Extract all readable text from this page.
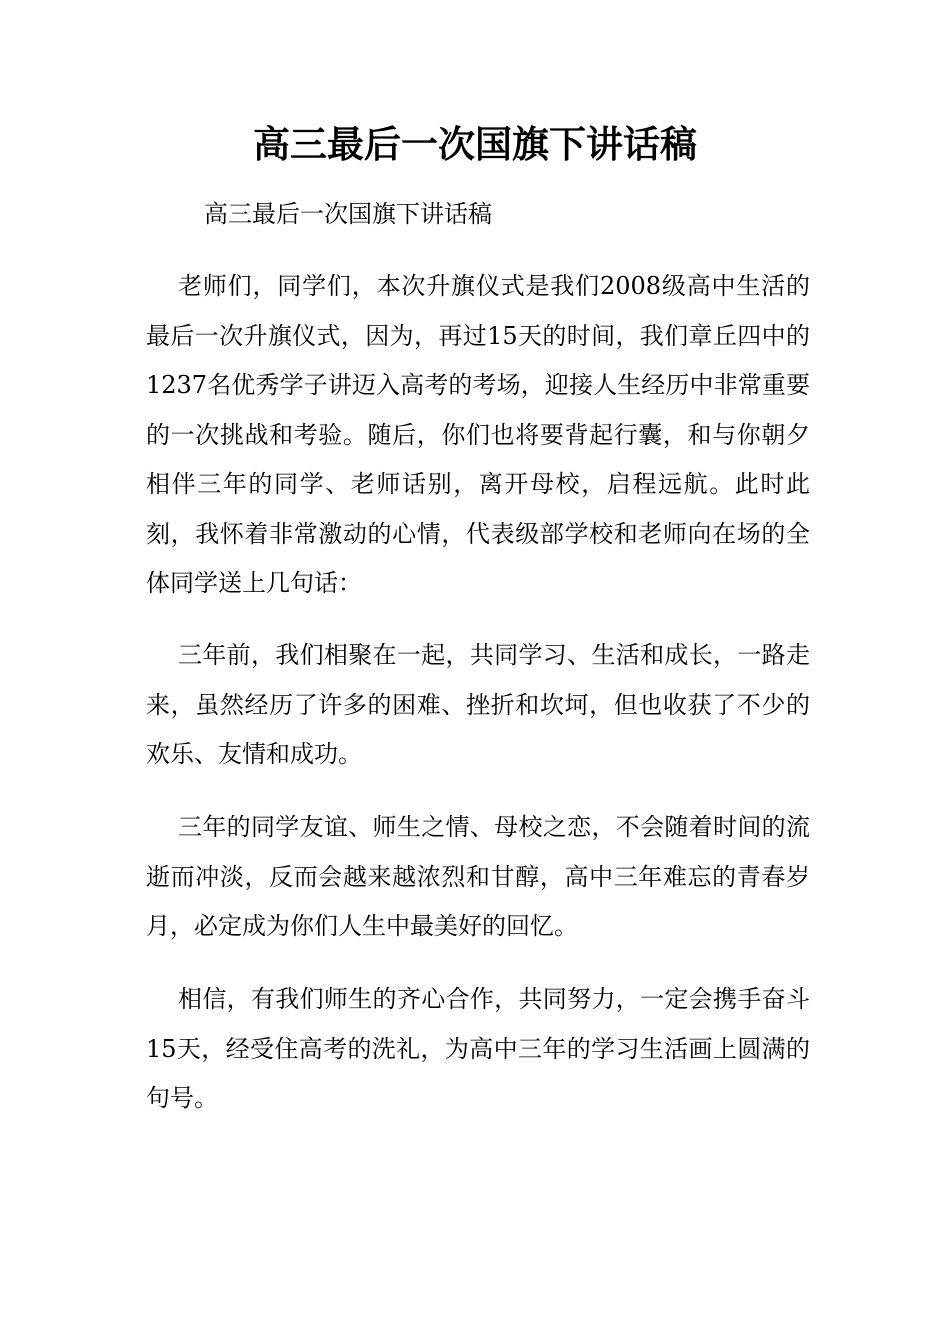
高三最后一次国旗下讲话稿

高三最后一次国旗下讲话稿

老师们，同学们，本次升旗仪式是我们2008级高中生活的最后一次升旗仪式，因为，再过15天的时间，我们章丘四中的1237名优秀学子讲迈入高考的考场，迎接人生经历中非常重要的一次挑战和考验。随后，你们也将要背起行囊，和与你朝夕相伴三年的同学、老师话别，离开母校，启程远航。此时此刻，我怀着非常激动的心情，代表级部学校和老师向在场的全体同学送上几句话：

三年前，我们相聚在一起，共同学习、生活和成长，一路走来，虽然经历了许多的困难、挫折和坎坷，但也收获了不少的欢乐、友情和成功。

三年的同学友谊、师生之情、母校之恋，不会随着时间的流逝而冲淡，反而会越来越浓烈和甘醇，高中三年难忘的青春岁月，必定成为你们人生中最美好的回忆。

相信，有我们师生的齐心合作，共同努力，一定会携手奋斗15天，经受住高考的洗礼，为高中三年的学习生活画上圆满的句号。
